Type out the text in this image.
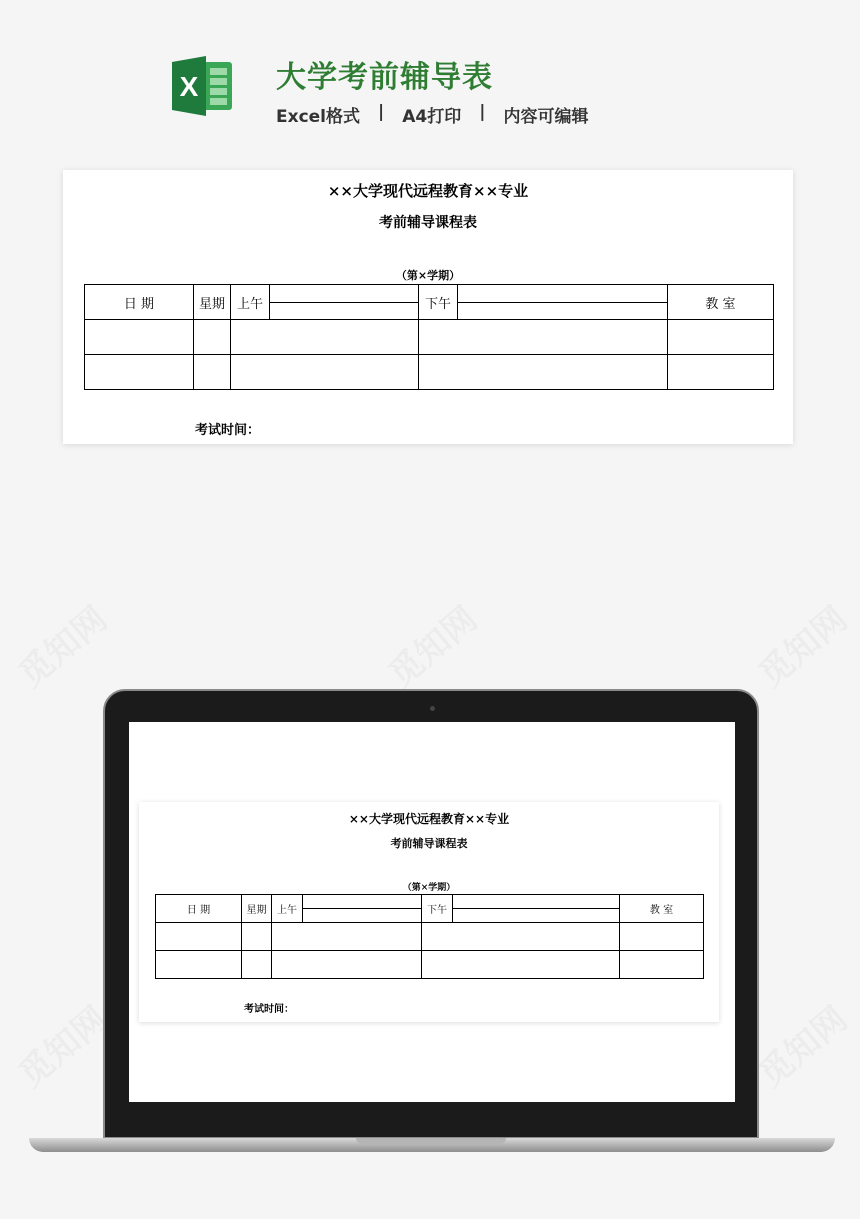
X	大学考前辅导表
Excel格式 | A4打印 | 内容可编辑
××大学现代远程教育××专业
考前辅导课程表
（第×学期）
日 期	星期	上午	下午	教 室

考试时间：
××大学现代远程教育××专业
考前辅导课程表
（第×学期）
日 期	星期	上午	下午	教 室

考试时间：
